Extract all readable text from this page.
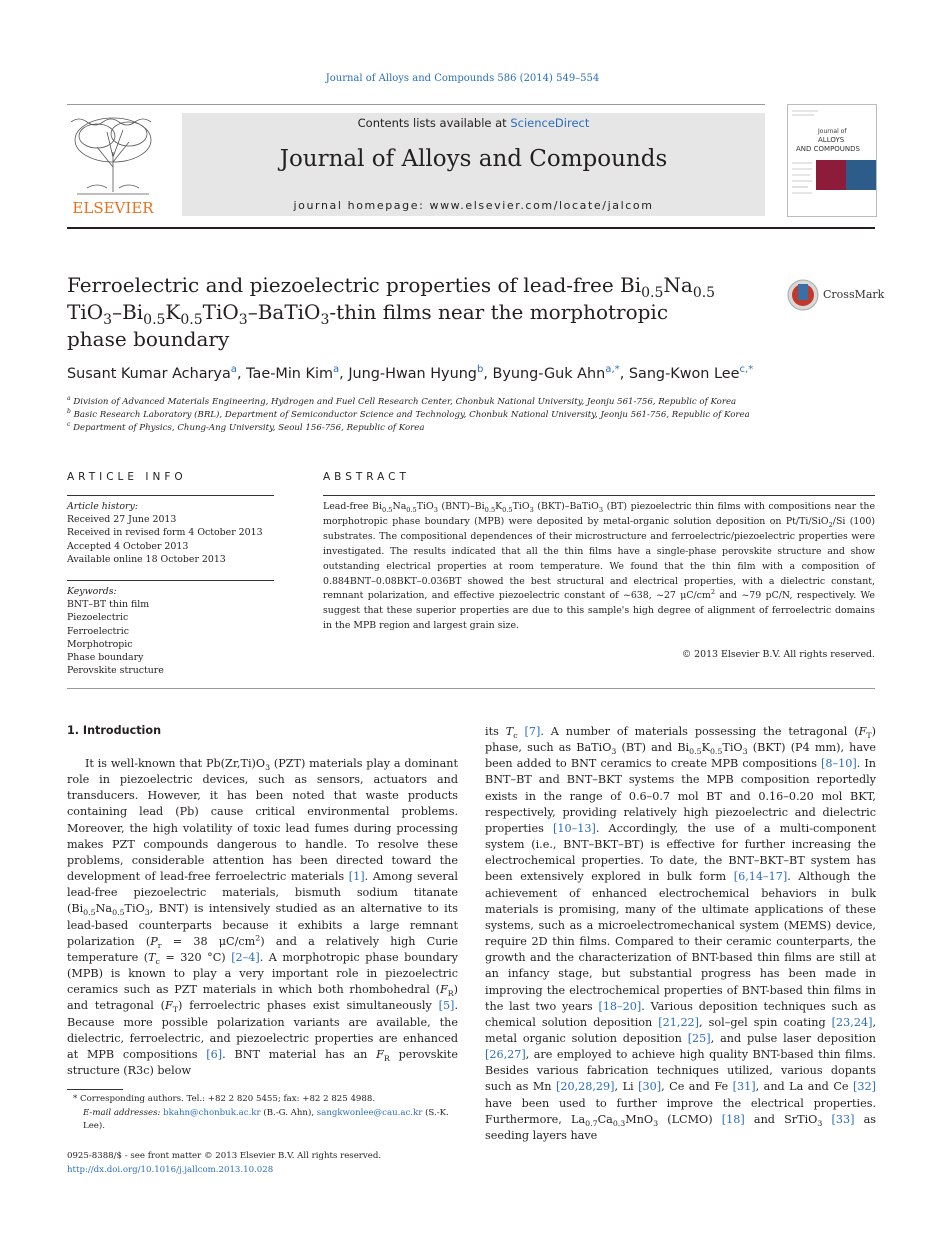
Journal of Alloys and Compounds 586 (2014) 549–554
ELSEVIER
Contents lists available at ScienceDirect
Journal of Alloys and Compounds
journal homepage: www.elsevier.com/locate/jalcom
Journal of
ALLOYS
AND COMPOUNDS
Ferroelectric and piezoelectric properties of lead-free $Bi_{0.5}Na_{0.5}$
$TiO_3-Bi_{0.5}K_{0.5}TiO_3-BaTiO_3$-thin films near the morphotropic
phase boundary
CrossMark
Susant Kumar Acharya$^a$, Tae-Min Kim$^a$, Jung-Hwan Hyung$^b$, Byung-Guk Ahn$^{a,*}$, Sang-Kwon Lee$^{c,*}$
$^a$ Division of Advanced Materials Engineering, Hydrogen and Fuel Cell Research Center, Chonbuk National University, Jeonju 561-756, Republic of Korea
$^b$ Basic Research Laboratory (BRL), Department of Semiconductor Science and Technology, Chonbuk National University, Jeonju 561-756, Republic of Korea
$^c$ Department of Physics, Chung-Ang University, Seoul 156-756, Republic of Korea
ARTICLE INFO
Article history:
Received 27 June 2013
Received in revised form 4 October 2013
Accepted 4 October 2013
Available online 18 October 2013
Keywords:
BNT–BT thin film
Piezoelectric
Ferroelectric
Morphotropic
Phase boundary
Perovskite structure
ABSTRACT
Lead-free $Bi_{0.5}Na_{0.5}TiO_3$ $(BNT)-Bi_{0.5}K_{0.5}TiO_3$ (BKT)–BaTiO$_3$ (BT) piezoelectric thin films with compositions near the morphotropic phase boundary (MPB) were deposited by metal-organic solution deposition on Pt/Ti/SiO$_2$/Si (100) substrates. The compositional dependences of their microstructure and ferroelectric/piezoelectric properties were investigated. The results indicated that all the thin films have a single-phase perovskite structure and show outstanding electrical properties at room temperature. We found that the thin film with a composition of 0.884BNT–0.08BKT–0.036BT showed the best structural and electrical properties, with a dielectric constant, remnant polarization, and effective piezoelectric constant of ~638, ~27 $\mu C/cm^2$ and ~79 pC/N, respectively. We suggest that these superior properties are due to this sample's high degree of alignment of ferroelectric domains in the MPB region and largest grain size.
© 2013 Elsevier B.V. All rights reserved.
1. Introduction
It is well-known that $Pb(Zr,Ti)O_3$ (PZT) materials play a dominant role in piezoelectric devices, such as sensors, actuators and transducers. However, it has been noted that waste products containing lead (Pb) cause critical environmental problems. Moreover, the high volatility of toxic lead fumes during processing makes PZT compounds dangerous to handle. To resolve these problems, considerable attention has been directed toward the development of lead-free ferroelectric materials [1]. Among several lead-free piezoelectric materials, bismuth sodium titanate ($Bi_{0.5}Na_{0.5}TiO_3$, BNT) is intensively studied as an alternative to its lead-based counterparts because it exhibits a large remnant polarization ($P_r = 38$ $\mu C/cm^2$) and a relatively high Curie temperature ($T_c = 320$ °C) [2–4]. A morphotropic phase boundary (MPB) is known to play a very important role in piezoelectric ceramics such as PZT materials in which both rhombohedral $(F_R)$ and tetragonal $(F_T)$ ferroelectric phases exist simultaneously [5]. Because more possible polarization variants are available, the dielectric, ferroelectric, and piezoelectric properties are enhanced at MPB compositions [6]. BNT material has an $F_R$ perovskite structure (R3c) below
its $T_c$ [7]. A number of materials possessing the tetragonal $(F_T)$ phase, such as BaTiO$_3$ (BT) and $Bi_{0.5}K_{0.5}TiO_3$ (BKT) (P4 mm), have been added to BNT ceramics to create MPB compositions [8–10]. In BNT–BT and BNT–BKT systems the MPB composition reportedly exists in the range of 0.6–0.7 mol BT and 0.16–0.20 mol BKT, respectively, providing relatively high piezoelectric and dielectric properties [10–13]. Accordingly, the use of a multi-component system (i.e., BNT–BKT–BT) is effective for further increasing the electrochemical properties. To date, the BNT–BKT–BT system has been extensively explored in bulk form [6,14–17]. Although the achievement of enhanced electrochemical behaviors in bulk materials is promising, many of the ultimate applications of these systems, such as a microelectromechanical system (MEMS) device, require 2D thin films. Compared to their ceramic counterparts, the growth and the characterization of BNT-based thin films are still at an infancy stage, but substantial progress has been made in improving the electrochemical properties of BNT-based thin films in the last two years [18–20]. Various deposition techniques such as chemical solution deposition [21,22], sol–gel spin coating [23,24], metal organic solution deposition [25], and pulse laser deposition [26,27], are employed to achieve high quality BNT-based thin films. Besides various fabrication techniques utilized, various dopants such as Mn [20,28,29], Li [30], Ce and Fe [31], and La and Ce [32] have been used to further improve the electrical properties. Furthermore, $La_{0.7}Ca_{0.3}MnO_3$ (LCMO) [18] and SrTiO$_3$ [33] as seeding layers have
* Corresponding authors. Tel.: +82 2 820 5455; fax: +82 2 825 4988.
E-mail addresses: bkahn@chonbuk.ac.kr (B.-G. Ahn), sangkwonlee@cau.ac.kr (S.-K. Lee).
0925-8388/$ - see front matter © 2013 Elsevier B.V. All rights reserved.
http://dx.doi.org/10.1016/j.jallcom.2013.10.028
